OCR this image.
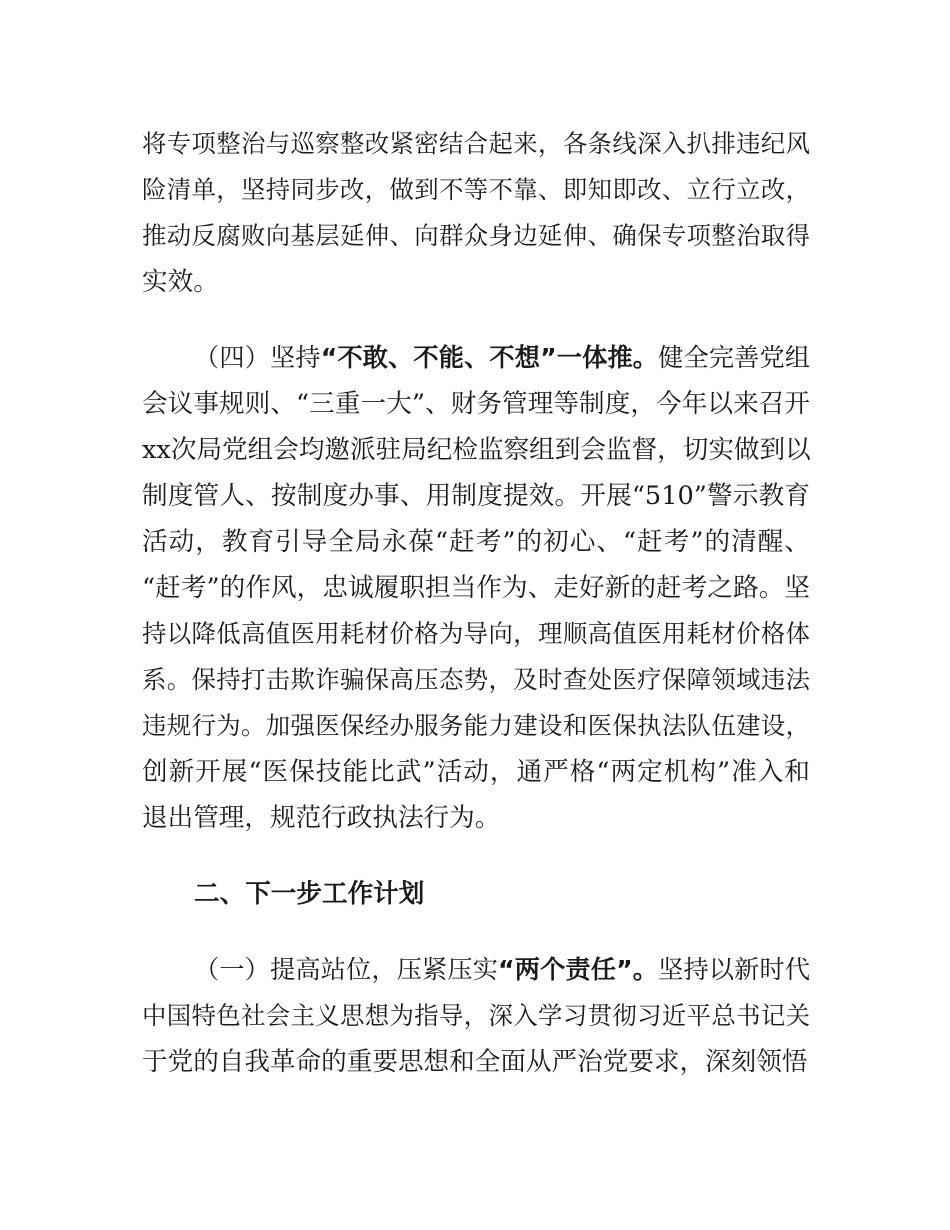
将专项整治与巡察整改紧密结合起来，各条线深入扒排违纪风
险清单，坚持同步改，做到不等不靠、即知即改、立行立改，
推动反腐败向基层延伸、向群众身边延伸、确保专项整治取得
实效。
（四）坚持“不敢、不能、不想”一体推。健全完善党组
会议事规则、“三重一大”、财务管理等制度，今年以来召开
xx次局党组会均邀派驻局纪检监察组到会监督，切实做到以
制度管人、按制度办事、用制度提效。开展“510”警示教育
活动，教育引导全局永葆“赶考”的初心、“赶考”的清醒、
“赶考”的作风，忠诚履职担当作为、走好新的赶考之路。坚
持以降低高值医用耗材价格为导向，理顺高值医用耗材价格体
系。保持打击欺诈骗保高压态势，及时查处医疗保障领域违法
违规行为。加强医保经办服务能力建设和医保执法队伍建设，
创新开展“医保技能比武”活动，通严格“两定机构”准入和
退出管理，规范行政执法行为。
二、下一步工作计划
（一）提高站位，压紧压实“两个责任”。坚持以新时代
中国特色社会主义思想为指导，深入学习贯彻习近平总书记关
于党的自我革命的重要思想和全面从严治党要求，深刻领悟
